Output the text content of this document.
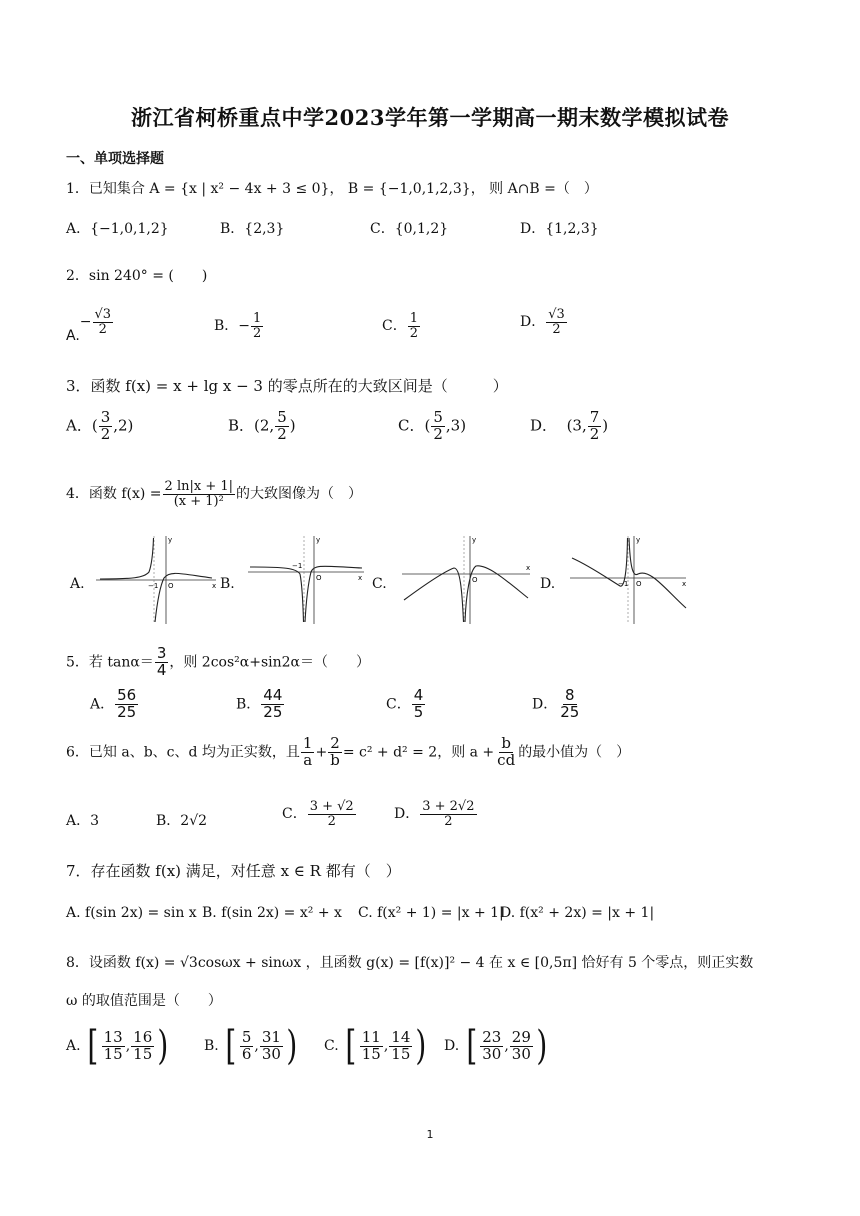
浙江省柯桥重点中学2023学年第一学期高一期末数学模拟试卷
一、单项选择题
1．已知集合 A = {x | x² − 4x + 3 ≤ 0}， B = {−1,0,1,2,3}， 则 A∩B =（　）
A．{−1,0,1,2}	B．{2,3}	C．{0,1,2}	D．{1,2,3}
2．sin 240° = (　　)
$A.- \frac{√3}{2}$	B．− $\frac{1}{2}$	C． $\frac{1}{2}$	D． $\frac{√3}{2}$
3．函数 f(x) = x + lg x − 3 的零点所在的大致区间是（　　　）
A．( $\frac{3}{2} ,2$)	B．(2, $\frac{5}{2}$ )	C．( $\frac{5}{2} ,3$)	D． (3, $\frac{7}{2}$ )
4．函数 $f(x) = \frac{2 \ln|x + 1|}{\text{(x + 1)²}}$ 的大致图像为（　）
A.	B.	C.	D.
y
x
O
−1
y
x
O
−1
y
x
O
y
x
O
−1
5．若 $\tan\alpha= \frac{3}{4}$ ，则 2cos²α+sin2α＝（　　）
A． $\frac{56}{25}$	B． $\frac{44}{25}$	C． $\frac{4}{5}$	D． $\frac{8}{25}$
6．已知 a、b、c、d 均为正实数，且 $\frac{1}{a} + \frac{2}{b} = c^2 + d^2 = 2$，则 $a + \frac{b}{cd}$ 的最小值为（　）
A．3	B．2√2	C． $\frac{3 + √2}{2}$	D． $\frac{3 + 2√2}{2}$
7．存在函数 f(x) 满足，对任意 x ∈ R 都有（　）
A. f(sin 2x) = sin x B. f(sin 2x) = x² + x C. f(x² + 1) = |x + 1|
D. f(x² + 2x) = |x + 1|
8．设函数 f(x) = √3cosωx + sinωx ，且函数 g(x) = [f(x)]² − 4 在 x ∈ [0,5π] 恰好有 5 个零点，则正实数
ω 的取值范围是（　　）
A. [ $\frac{13}{15}$ , $\frac{16}{15}$ )	B. [ $\frac{5}{6}$ , $\frac{31}{30}$ ) C. [ $\frac{11}{15}$ , $\frac{14}{15}$ ) D. [ $\frac{23}{30}$ , $\frac{29}{30}$ )
1
